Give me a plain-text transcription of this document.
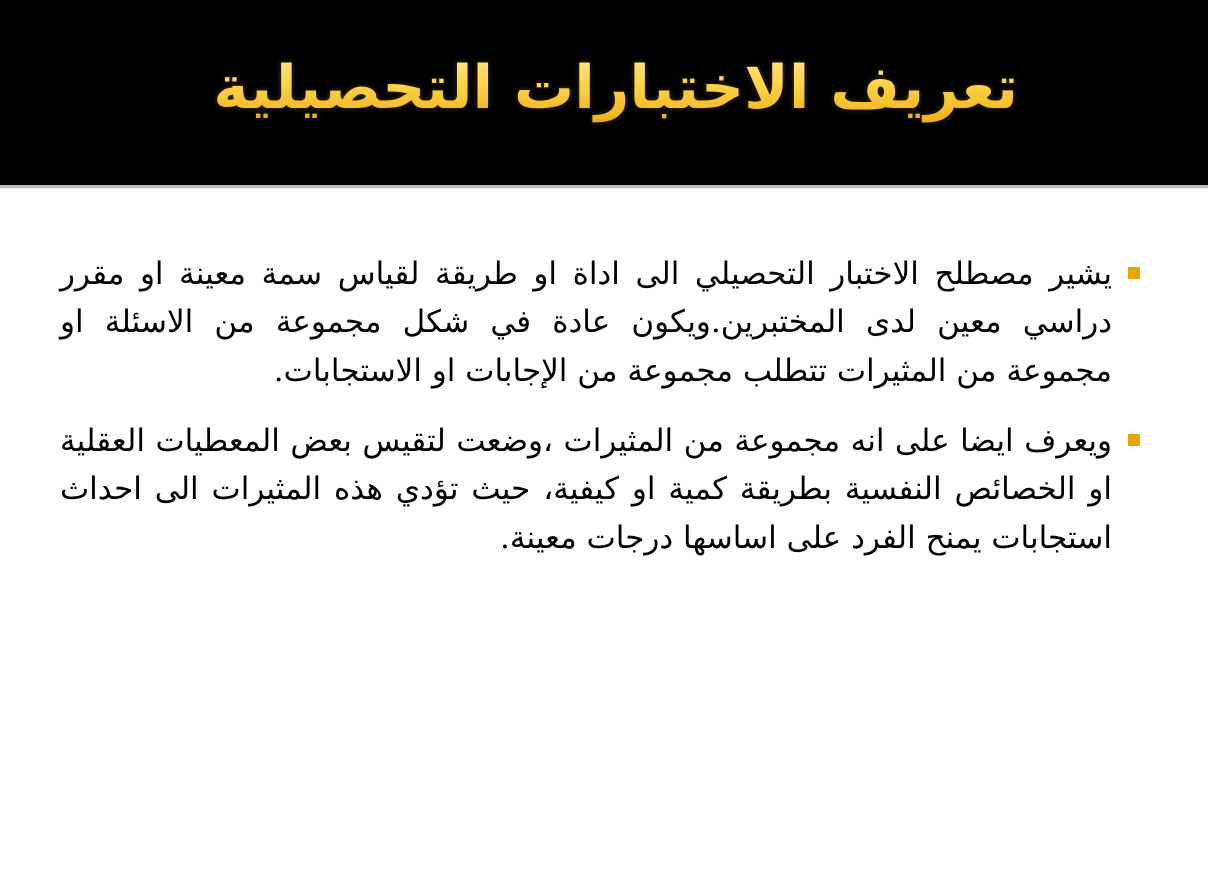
تعريف الاختبارات التحصيلية
يشير مصطلح الاختبار التحصيلي الى اداة او طريقة لقياس سمة معينة او مقرر دراسي معين لدى المختبرين.ويكون عادة في شكل مجموعة من الاسئلة او مجموعة من المثيرات تتطلب مجموعة من الإجابات او الاستجابات.
ويعرف ايضا على انه مجموعة من المثيرات ،وضعت لتقيس بعض المعطيات العقلية او الخصائص النفسية بطريقة كمية او كيفية، حيث تؤدي هذه المثيرات الى احداث استجابات يمنح الفرد على اساسها درجات معينة.
